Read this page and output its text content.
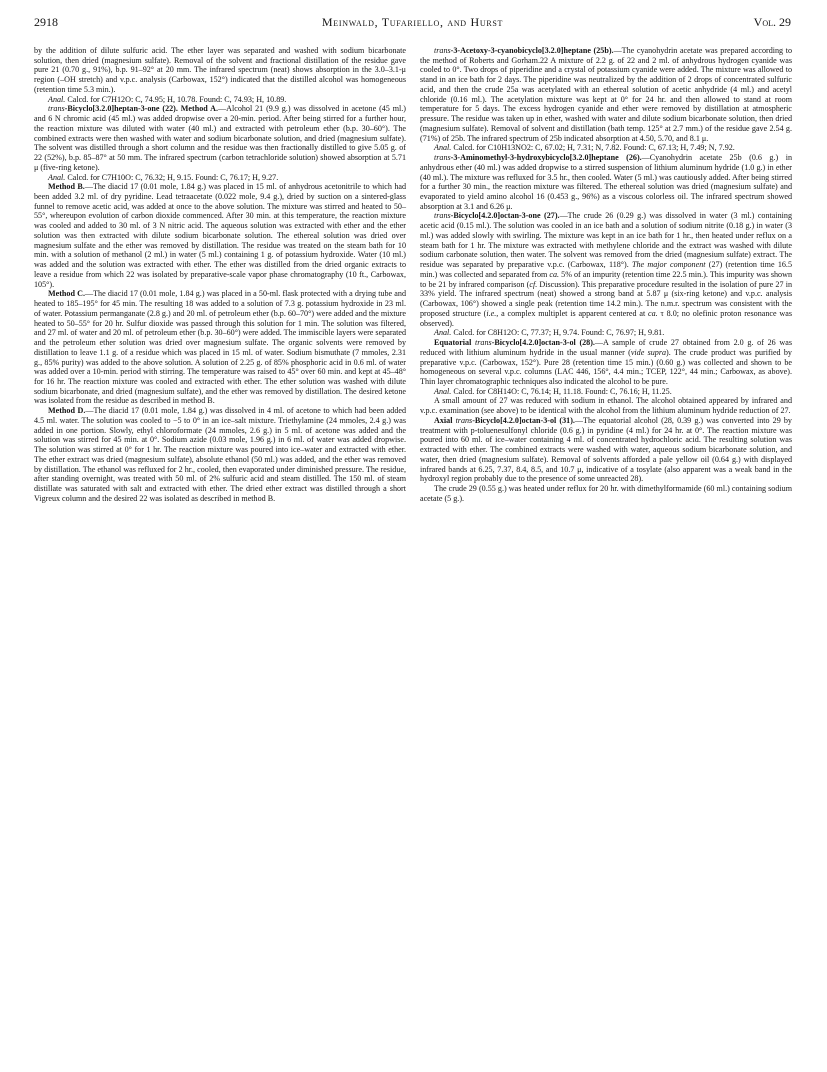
2918	Meinwald, Tufariello, and Hurst	Vol. 29

by the addition of dilute sulfuric acid. The ether layer was separated and washed with sodium bicarbonate solution, then dried (magnesium sulfate). Removal of the solvent and fractional distillation of the residue gave pure 21 (0.70 g., 91%), b.p. 91–92° at 20 mm. The infrared spectrum (neat) shows absorption in the 3.0–3.1-μ region (–OH stretch) and v.p.c. analysis (Carbowax, 152°) indicated that the distilled alcohol was homogeneous (retention time 5.3 min.).

Anal. Calcd. for C7H12O: C, 74.95; H, 10.78. Found: C, 74.93; H, 10.89.

trans-Bicyclo[3.2.0]heptan-3-one (22). Method A.—Alcohol 21 (9.9 g.) was dissolved in acetone (45 ml.) and 6 N chromic acid (45 ml.) was added dropwise over a 20-min. period. After being stirred for a further hour, the reaction mixture was diluted with water (40 ml.) and extracted with petroleum ether (b.p. 30–60°). The combined extracts were then washed with water and sodium bicarbonate solution, and dried (magnesium sulfate). The solvent was distilled through a short column and the residue was then fractionally distilled to give 5.05 g. of 22 (52%), b.p. 85–87° at 50 mm. The infrared spectrum (carbon tetrachloride solution) showed absorption at 5.71 μ (five-ring ketone).

Anal. Calcd. for C7H10O: C, 76.32; H, 9.15. Found: C, 76.17; H, 9.27.

Method B.—The diacid 17 (0.01 mole, 1.84 g.) was placed in 15 ml. of anhydrous acetonitrile to which had been added 3.2 ml. of dry pyridine. Lead tetraacetate (0.022 mole, 9.4 g.), dried by suction on a sintered-glass funnel to remove acetic acid, was added at once to the above solution. The mixture was stirred and heated to 50–55°, whereupon evolution of carbon dioxide commenced. After 30 min. at this temperature, the reaction mixture was cooled and added to 30 ml. of 3 N nitric acid. The aqueous solution was extracted with ether and the ether solution was then extracted with dilute sodium bicarbonate solution. The ethereal solution was dried over magnesium sulfate and the ether was removed by distillation. The residue was treated on the steam bath for 10 min. with a solution of methanol (2 ml.) in water (5 ml.) containing 1 g. of potassium hydroxide. Water (10 ml.) was added and the solution was extracted with ether. The ether was distilled from the dried organic extracts to leave a residue from which 22 was isolated by preparative-scale vapor phase chromatography (10 ft., Carbowax, 105°).

Method C.—The diacid 17 (0.01 mole, 1.84 g.) was placed in a 50-ml. flask protected with a drying tube and heated to 185–195° for 45 min. The resulting 18 was added to a solution of 7.3 g. potassium hydroxide in 23 ml. of water. Potassium permanganate (2.8 g.) and 20 ml. of petroleum ether (b.p. 60–70°) were added and the mixture heated to 50–55° for 20 hr. Sulfur dioxide was passed through this solution for 1 min. The solution was filtered, and 27 ml. of water and 20 ml. of petroleum ether (b.p. 30–60°) were added. The immiscible layers were separated and the petroleum ether solution was dried over magnesium sulfate. The organic solvents were removed by distillation to leave 1.1 g. of a residue which was placed in 15 ml. of water. Sodium bismuthate (7 mmoles, 2.31 g., 85% purity) was added to the above solution. A solution of 2.25 g. of 85% phosphoric acid in 0.6 ml. of water was added over a 10-min. period with stirring. The temperature was raised to 45° over 60 min. and kept at 45–48° for 16 hr. The reaction mixture was cooled and extracted with ether. The ether solution was washed with dilute sodium bicarbonate, and dried (magnesium sulfate), and the ether was removed by distillation. The desired ketone was isolated from the residue as described in method B.

Method D.—The diacid 17 (0.01 mole, 1.84 g.) was dissolved in 4 ml. of acetone to which had been added 4.5 ml. water. The solution was cooled to −5 to 0° in an ice–salt mixture. Triethylamine (24 mmoles, 2.4 g.) was added in one portion. Slowly, ethyl chloroformate (24 mmoles, 2.6 g.) in 5 ml. of acetone was added and the solution was stirred for 45 min. at 0°. Sodium azide (0.03 mole, 1.96 g.) in 6 ml. of water was added dropwise. The solution was stirred at 0° for 1 hr. The reaction mixture was poured into ice–water and extracted with ether. The ether extract was dried (magnesium sulfate), absolute ethanol (50 ml.) was added, and the ether was removed by distillation. The ethanol was refluxed for 2 hr., cooled, then evaporated under diminished pressure. The residue, after standing overnight, was treated with 50 ml. of 2% sulfuric acid and steam distilled. The 150 ml. of steam distillate was saturated with salt and extracted with ether. The dried ether extract was distilled through a short Vigreux column and the desired 22 was isolated as described in method B.

trans-3-Acetoxy-3-cyanobicyclo[3.2.0]heptane (25b).—The cyanohydrin acetate was prepared according to the method of Roberts and Gorham.22 A mixture of 2.2 g. of 22 and 2 ml. of anhydrous hydrogen cyanide was cooled to 0°. Two drops of piperidine and a crystal of potassium cyanide were added. The mixture was allowed to stand in an ice bath for 2 days. The piperidine was neutralized by the addition of 2 drops of concentrated sulfuric acid, and then the crude 25a was acetylated with an ethereal solution of acetic anhydride (4 ml.) and acetyl chloride (0.16 ml.). The acetylation mixture was kept at 0° for 24 hr. and then allowed to stand at room temperature for 5 days. The excess hydrogen cyanide and ether were removed by distillation at atmospheric pressure. The residue was taken up in ether, washed with water and dilute sodium bicarbonate solution, then dried (magnesium sulfate). Removal of solvent and distillation (bath temp. 125° at 2.7 mm.) of the residue gave 2.54 g. (71%) of 25b. The infrared spectrum of 25b indicated absorption at 4.50, 5.70, and 8.1 μ.

Anal. Calcd. for C10H13NO2: C, 67.02; H, 7.31; N, 7.82. Found: C, 67.13; H, 7.49; N, 7.92.

trans-3-Aminomethyl-3-hydroxybicyclo[3.2.0]heptane (26).—Cyanohydrin acetate 25b (0.6 g.) in anhydrous ether (40 ml.) was added dropwise to a stirred suspension of lithium aluminum hydride (1.0 g.) in ether (40 ml.). The mixture was refluxed for 3.5 hr., then cooled. Water (5 ml.) was cautiously added. After being stirred for a further 30 min., the reaction mixture was filtered. The ethereal solution was dried (magnesium sulfate) and evaporated to yield amino alcohol 16 (0.453 g., 96%) as a viscous colorless oil. The infrared spectrum showed absorption at 3.1 and 6.26 μ.

trans-Bicyclo[4.2.0]octan-3-one (27).—The crude 26 (0.29 g.) was dissolved in water (3 ml.) containing acetic acid (0.15 ml.). The solution was cooled in an ice bath and a solution of sodium nitrite (0.18 g.) in water (3 ml.) was added slowly with swirling. The mixture was kept in an ice bath for 1 hr., then heated under reflux on a steam bath for 1 hr. The mixture was extracted with methylene chloride and the extract was washed with dilute sodium carbonate solution, then water. The solvent was removed from the dried (magnesium sulfate) extract. The residue was separated by preparative v.p.c. (Carbowax, 118°). The major component (27) (retention time 16.5 min.) was collected and separated from ca. 5% of an impurity (retention time 22.5 min.). This impurity was shown to be 21 by infrared comparison (cf. Discussion). This preparative procedure resulted in the isolation of pure 27 in 33% yield. The infrared spectrum (neat) showed a strong band at 5.87 μ (six-ring ketone) and v.p.c. analysis (Carbowax, 106°) showed a single peak (retention time 14.2 min.). The n.m.r. spectrum was consistent with the proposed structure (i.e., a complex multiplet is apparent centered at ca. τ 8.0; no olefinic proton resonance was observed).

Anal. Calcd. for C8H12O: C, 77.37; H, 9.74. Found: C, 76.97; H, 9.81.

Equatorial trans-Bicyclo[4.2.0]octan-3-ol (28).—A sample of crude 27 obtained from 2.0 g. of 26 was reduced with lithium aluminum hydride in the usual manner (vide supra). The crude product was purified by preparative v.p.c. (Carbowax, 152°). Pure 28 (retention time 15 min.) (0.60 g.) was collected and shown to be homogeneous on several v.p.c. columns (LAC 446, 156°, 4.4 min.; TCEP, 122°, 44 min.; Carbowax, as above). Thin layer chromatographic techniques also indicated the alcohol to be pure.

Anal. Calcd. for C8H14O: C, 76.14; H, 11.18. Found: C, 76.16; H, 11.25.

A small amount of 27 was reduced with sodium in ethanol. The alcohol obtained appeared by infrared and v.p.c. examination (see above) to be identical with the alcohol from the lithium aluminum hydride reduction of 27.

Axial trans-Bicyclo[4.2.0]octan-3-ol (31).—The equatorial alcohol (28, 0.39 g.) was converted into 29 by treatment with p-toluenesulfonyl chloride (0.6 g.) in pyridine (4 ml.) for 24 hr. at 0°. The reaction mixture was poured into 60 ml. of ice–water containing 4 ml. of concentrated hydrochloric acid. The resulting solution was extracted with ether. The combined extracts were washed with water, aqueous sodium bicarbonate solution, and water, then dried (magnesium sulfate). Removal of solvents afforded a pale yellow oil (0.64 g.) with displayed infrared bands at 6.25, 7.37, 8.4, 8.5, and 10.7 μ, indicative of a tosylate (also apparent was a weak band in the hydroxyl region probably due to the presence of some unreacted 28).

The crude 29 (0.55 g.) was heated under reflux for 20 hr. with dimethylformamide (60 ml.) containing sodium acetate (5 g.).
